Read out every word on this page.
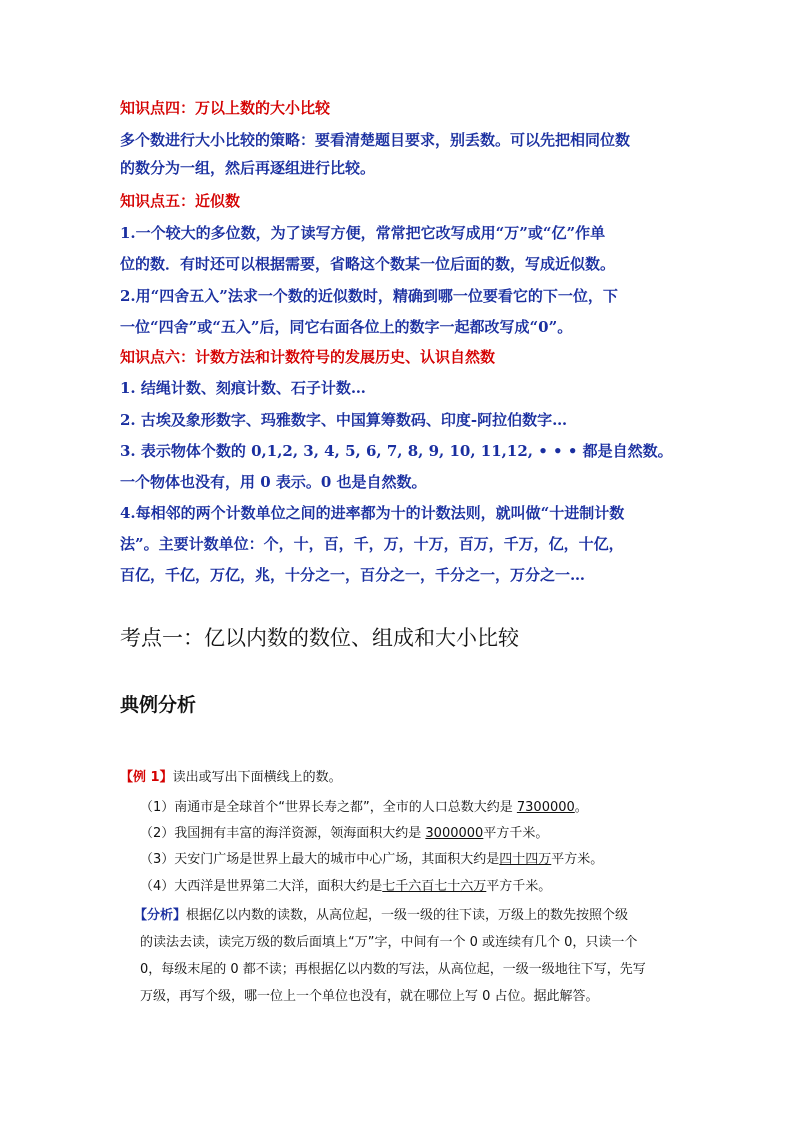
知识点四：万以上数的大小比较
多个数进行大小比较的策略：要看清楚题目要求，别丢数。可以先把相同位数
的数分为一组，然后再逐组进行比较。
知识点五：近似数
1.一个较大的多位数，为了读写方便，常常把它改写成用“万”或“亿”作单
位的数．有时还可以根据需要，省略这个数某一位后面的数，写成近似数。
2.用“四舍五入”法求一个数的近似数时，精确到哪一位要看它的下一位，下
一位“四舍”或“五入”后，同它右面各位上的数字一起都改写成“0”。
知识点六：计数方法和计数符号的发展历史、认识自然数
1. 结绳计数、刻痕计数、石子计数…
2. 古埃及象形数字、玛雅数字、中国算筹数码、印度-阿拉伯数字…
3. 表示物体个数的 0,1,2, 3, 4, 5, 6, 7, 8, 9, 10, 11,12, • • • 都是自然数。
一个物体也没有，用 0 表示。0 也是自然数。
4.每相邻的两个计数单位之间的进率都为十的计数法则，就叫做“十进制计数
法”。主要计数单位：个，十，百，千，万，十万，百万，千万，亿，十亿，
百亿，千亿，万亿，兆，十分之一，百分之一，千分之一，万分之一…
考点一：亿以内数的数位、组成和大小比较
典例分析
【例 1】读出或写出下面横线上的数。
（1）南通市是全球首个“世界长寿之都”，全市的人口总数大约是 7300000。
（2）我国拥有丰富的海洋资源，领海面积大约是 3000000平方千米。
（3）天安门广场是世界上最大的城市中心广场，其面积大约是四十四万平方米。
（4）大西洋是世界第二大洋，面积大约是七千六百七十六万平方千米。
【分析】根据亿以内数的读数，从高位起，一级一级的往下读，万级上的数先按照个级
的读法去读，读完万级的数后面填上“万”字，中间有一个 0 或连续有几个 0，只读一个
0，每级末尾的 0 都不读；再根据亿以内数的写法，从高位起，一级一级地往下写，先写
万级，再写个级，哪一位上一个单位也没有，就在哪位上写 0 占位。据此解答。
